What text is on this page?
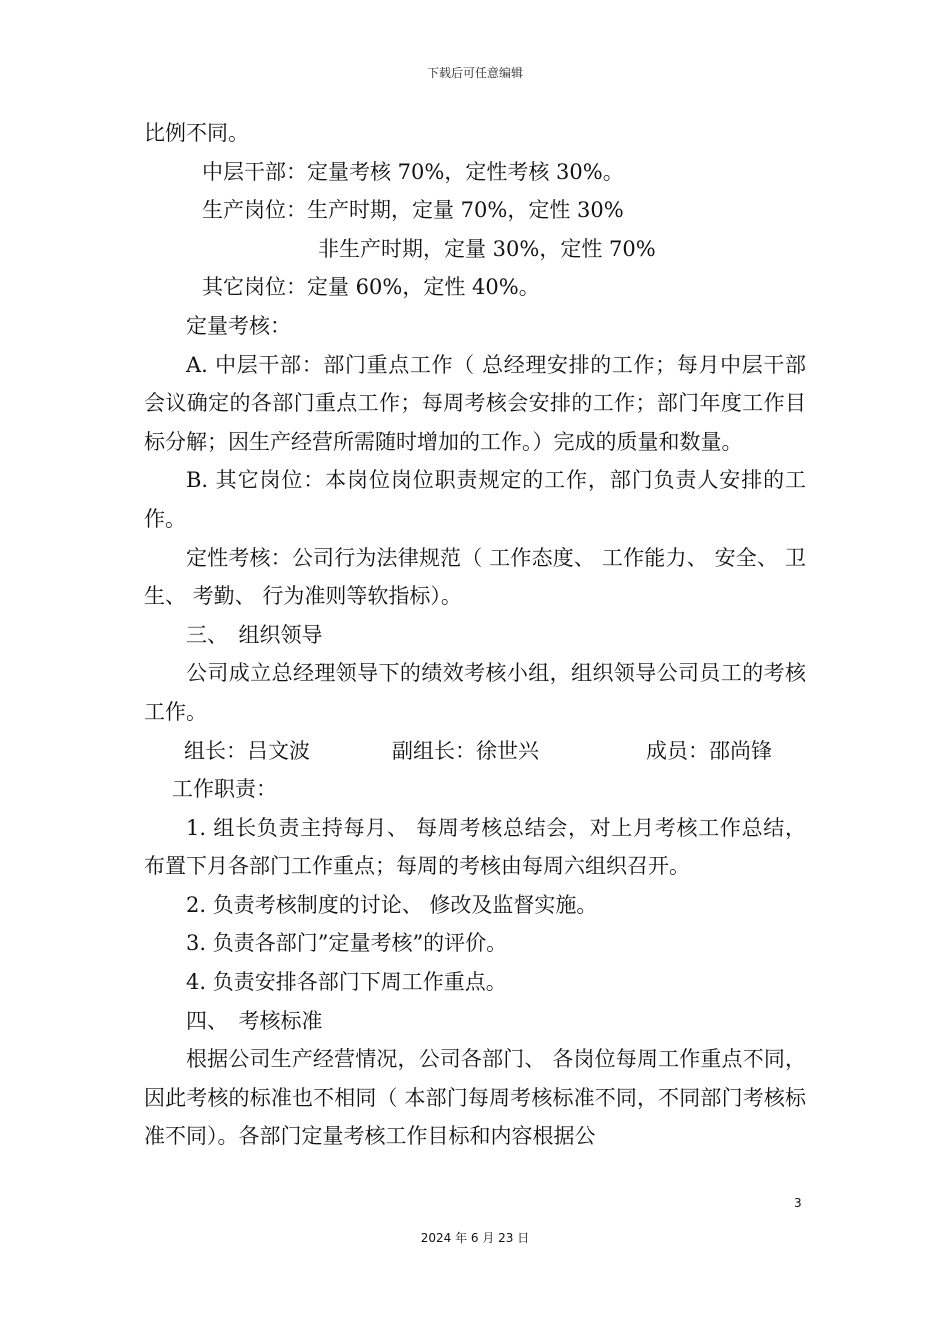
下载后可任意编辑

比例不同。

中层干部：定量考核 70%，定性考核 30%。

生产岗位：生产时期，定量 70%，定性 30%

非生产时期，定量 30%，定性 70%

其它岗位：定量 60%，定性 40%。

定量考核：

A. 中层干部：部门重点工作（ 总经理安排的工作；每月中层干部会议确定的各部门重点工作；每周考核会安排的工作；部门年度工作目标分解；因生产经营所需随时增加的工作。）完成的质量和数量。

B. 其它岗位：本岗位岗位职责规定的工作，部门负责人安排的工作。

定性考核：公司行为法律规范（ 工作态度、 工作能力、 安全、 卫生、 考勤、 行为准则等软指标）。

三、　组织领导

公司成立总经理领导下的绩效考核小组，组织领导公司员工的考核工作。

组长：吕文波	副组长：徐世兴	成员：邵尚锋

工作职责：

1. 组长负责主持每月、 每周考核总结会，对上月考核工作总结，布置下月各部门工作重点；每周的考核由每周六组织召开。

2. 负责考核制度的讨论、 修改及监督实施。

3. 负责各部门”定量考核”的评价。

4. 负责安排各部门下周工作重点。

四、　考核标准

根据公司生产经营情况，公司各部门、 各岗位每周工作重点不同，因此考核的标准也不相同（ 本部门每周考核标准不同，不同部门考核标准不同）。各部门定量考核工作目标和内容根据公

3
2024 年 6 月 23 日
